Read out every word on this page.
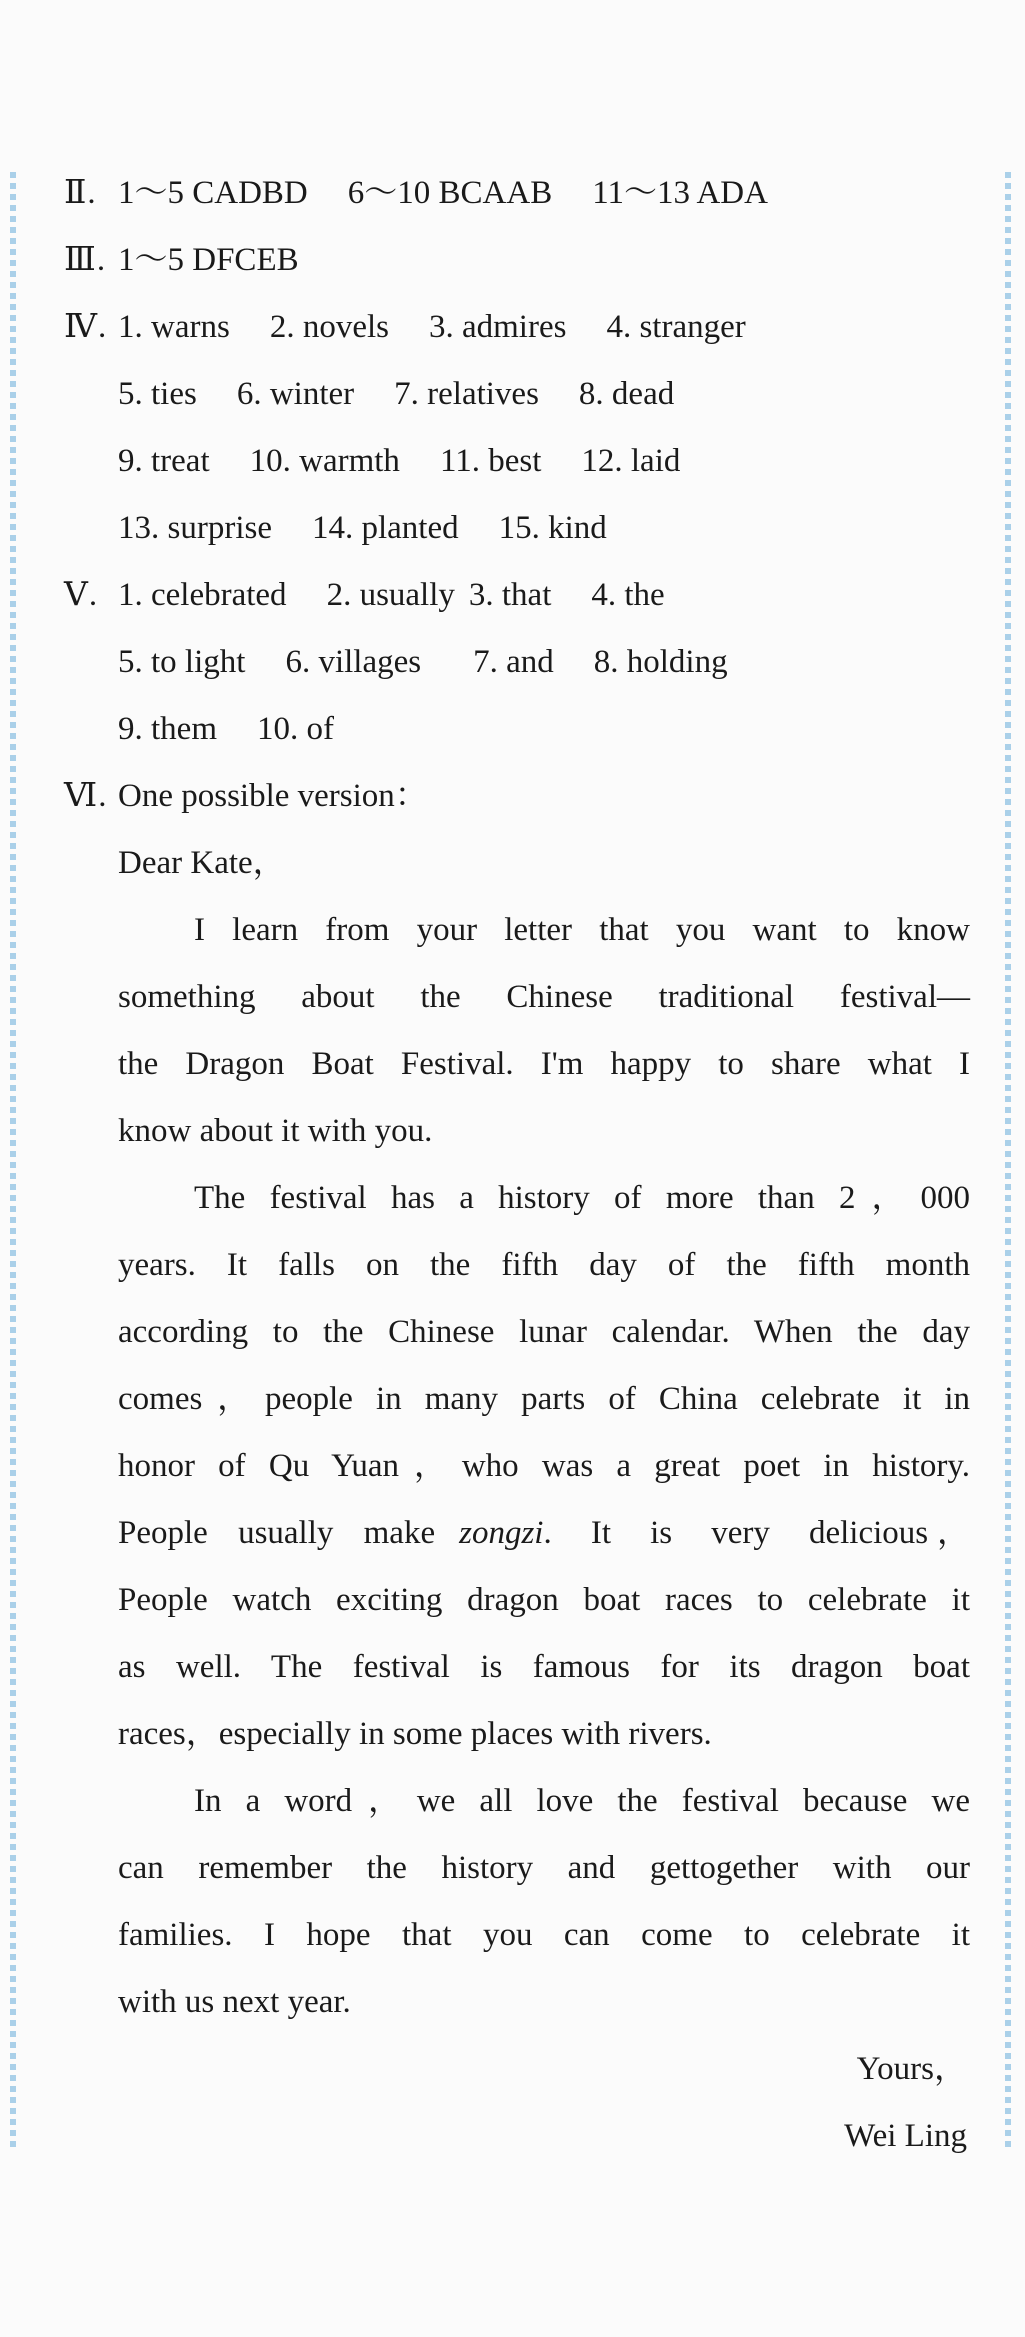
Ⅱ. 1～5 CADBD 6～10 BCAAB 11～13 ADA
Ⅲ. 1～5 DFCEB
Ⅳ. 1. warns 2. novels 3. admires 4. stranger
5. ties 6. winter 7. relatives 8. dead
9. treat 10. warmth 11. best 12. laid
13. surprise 14. planted 15. kind
Ⅴ. 1. celebrated 2. usually 3. that 4. the
5. to light 6. villages 7. and 8. holding
9. them 10. of
Ⅵ. One possible version：
Dear Kate，
I learn from your letter that you want to know
something about the Chinese traditional festival—
the Dragon Boat Festival. I'm happy to share what I
know about it with you.
The festival has a history of more than 2，000
years. It falls on the fifth day of the fifth month
according to the Chinese lunar calendar. When the day
comes，people in many parts of China celebrate it in
honor of Qu Yuan，who was a great poet in history.
People usually make zongzi . It is very delicious，
People watch exciting dragon boat races to celebrate it
as well. The festival is famous for its dragon boat
races，especially in some places with rivers.
In a word，we all love the festival because we
can remember the history and gettogether with our
families. I hope that you can come to celebrate it
with us next year.
Yours，
Wei Ling
